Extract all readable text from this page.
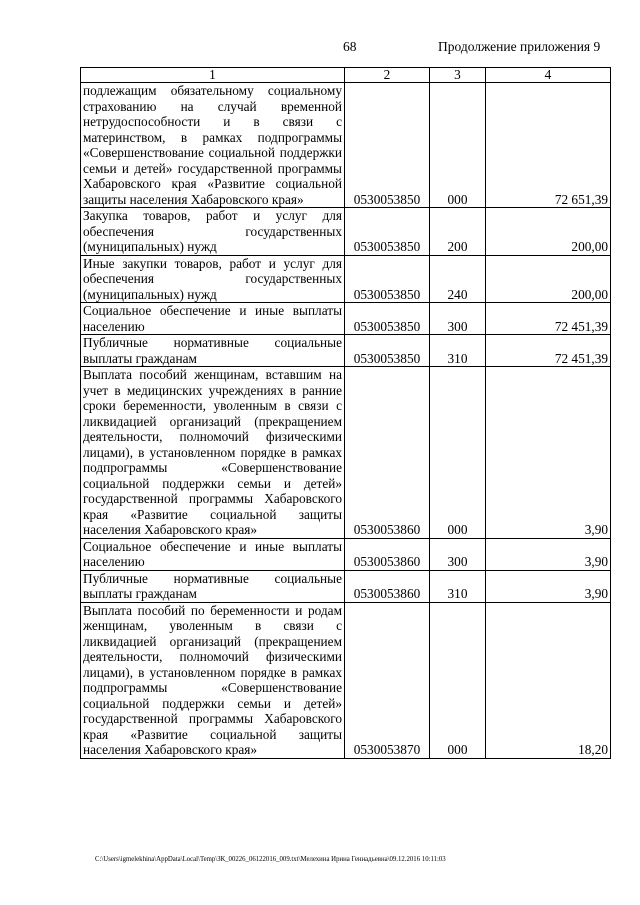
68	Продолжение приложения 9
1	2	3	4
подлежащим обязательному социальному страхованию на случай временной нетрудоспособности и в связи с материнством, в рамках подпрограммы «Совершенствование социальной поддержки семьи и детей» государственной программы Хабаровского края «Развитие социальной защиты населения Хабаровского края»	0530053850	000	72 651,39
Закупка товаров, работ и услуг для обеспечения государственных (муниципальных) нужд	0530053850	200	200,00
Иные закупки товаров, работ и услуг для обеспечения государственных (муниципальных) нужд	0530053850	240	200,00
Социальное обеспечение и иные выплаты населению	0530053850	300	72 451,39
Публичные нормативные социальные выплаты гражданам	0530053850	310	72 451,39
Выплата пособий женщинам, вставшим на учет в медицинских учреждениях в ранние сроки беременности, уволенным в связи с ликвидацией организаций (прекращением деятельности, полномочий физическими лицами), в установленном порядке в рамках подпрограммы «Совершенствование социальной поддержки семьи и детей» государственной программы Хабаровского края «Развитие социальной защиты населения Хабаровского края»	0530053860	000	3,90
Социальное обеспечение и иные выплаты населению	0530053860	300	3,90
Публичные нормативные социальные выплаты гражданам	0530053860	310	3,90
Выплата пособий по беременности и родам женщинам, уволенным в связи с ликвидацией организаций (прекращением деятельности, полномочий физическими лицами), в установленном порядке в рамках подпрограммы «Совершенствование социальной поддержки семьи и детей» государственной программы Хабаровского края «Развитие социальной защиты населения Хабаровского края»	0530053870	000	18,20
C:\Users\igmelekhina\AppData\Local\Temp\ЗК_00226_06122016_009.txt\Мелехина Ирина Геннадьевна\09.12.2016 10:11:03
